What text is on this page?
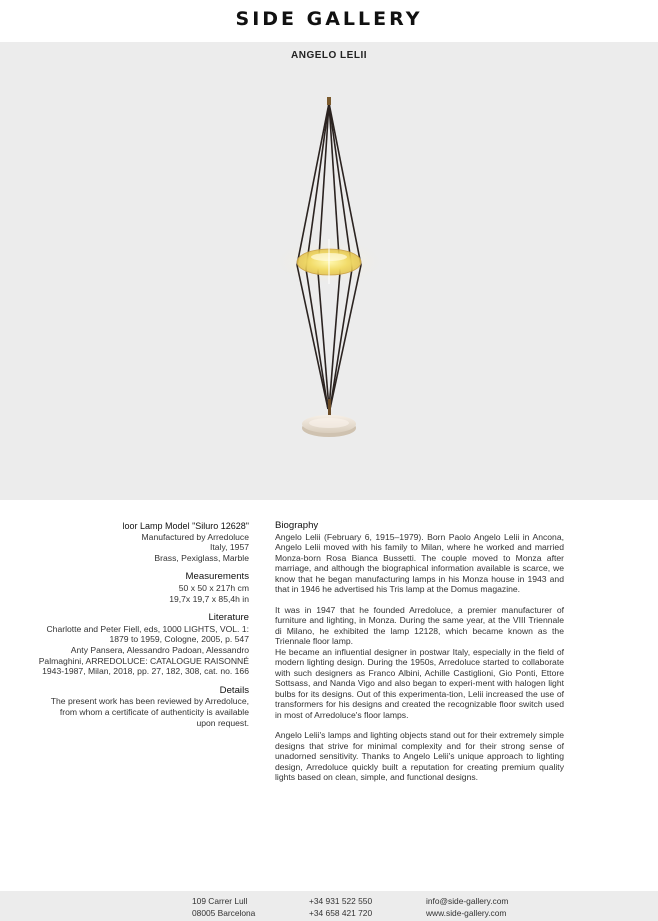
SIDE GALLERY
ANGELO LELII

loor Lamp Model "Siluro 12628"

Manufactured by Arredoluce

Italy, 1957

Brass, Pexiglass, Marble

Measurements

50 x 50 x 217h cm

19,7x 19,7 x 85,4h in

Literature

Charlotte and Peter Fiell, eds, 1000 LIGHTS, VOL. 1:

1879 to 1959, Cologne, 2005, p. 547

Anty Pansera, Alessandro Padoan, Alessandro

Palmaghini, ARREDOLUCE: CATALOGUE RAISONNÉ

1943-1987, Milan, 2018, pp. 27, 182, 308, cat. no. 166

Details

The present work has been reviewed by Arredoluce,

from whom a certificate of authenticity is available

upon request.

Biography

Angelo Lelii (February 6, 1915–1979). Born Paolo Angelo Lelii in Ancona, Angelo Lelii moved with his family to Milan, where he worked and married Monza-born Rosa Bianca Bussetti. The couple moved to Monza after marriage, and although the biographical information available is scarce, we know that he began manufacturing lamps in his Monza house in 1943 and that in 1946 he advertised his Tris lamp at the Domus magazine.

It was in 1947 that he founded Arredoluce, a premier manufacturer of furniture and lighting, in Monza. During the same year, at the VIII Triennale di Milano, he exhibited the lamp 12128, which became known as the Triennale floor lamp.

He became an influential designer in postwar Italy, especially in the field of modern lighting design. During the 1950s, Arredoluce started to collaborate with such designers as Franco Albini, Achille Castiglioni, Gio Ponti, Ettore Sottsass, and Nanda Vigo and also began to experi-ment with halogen light bulbs for its designs. Out of this experimenta-tion, Lelii increased the use of transformers for his designs and created the recognizable floor switch used in most of Arredoluce's floor lamps.

Angelo Lelii's lamps and lighting objects stand out for their extremely simple designs that strive for minimal complexity and for their strong sense of unadorned sensitivity. Thanks to Angelo Lelii's unique approach to lighting design, Arredoluce quickly built a reputation for creating premium quality lights based on clean, simple, and functional designs.

109 Carrer Lull
08005 Barcelona
+34 931 522 550
+34 658 421 720
info@side-gallery.com
www.side-gallery.com
